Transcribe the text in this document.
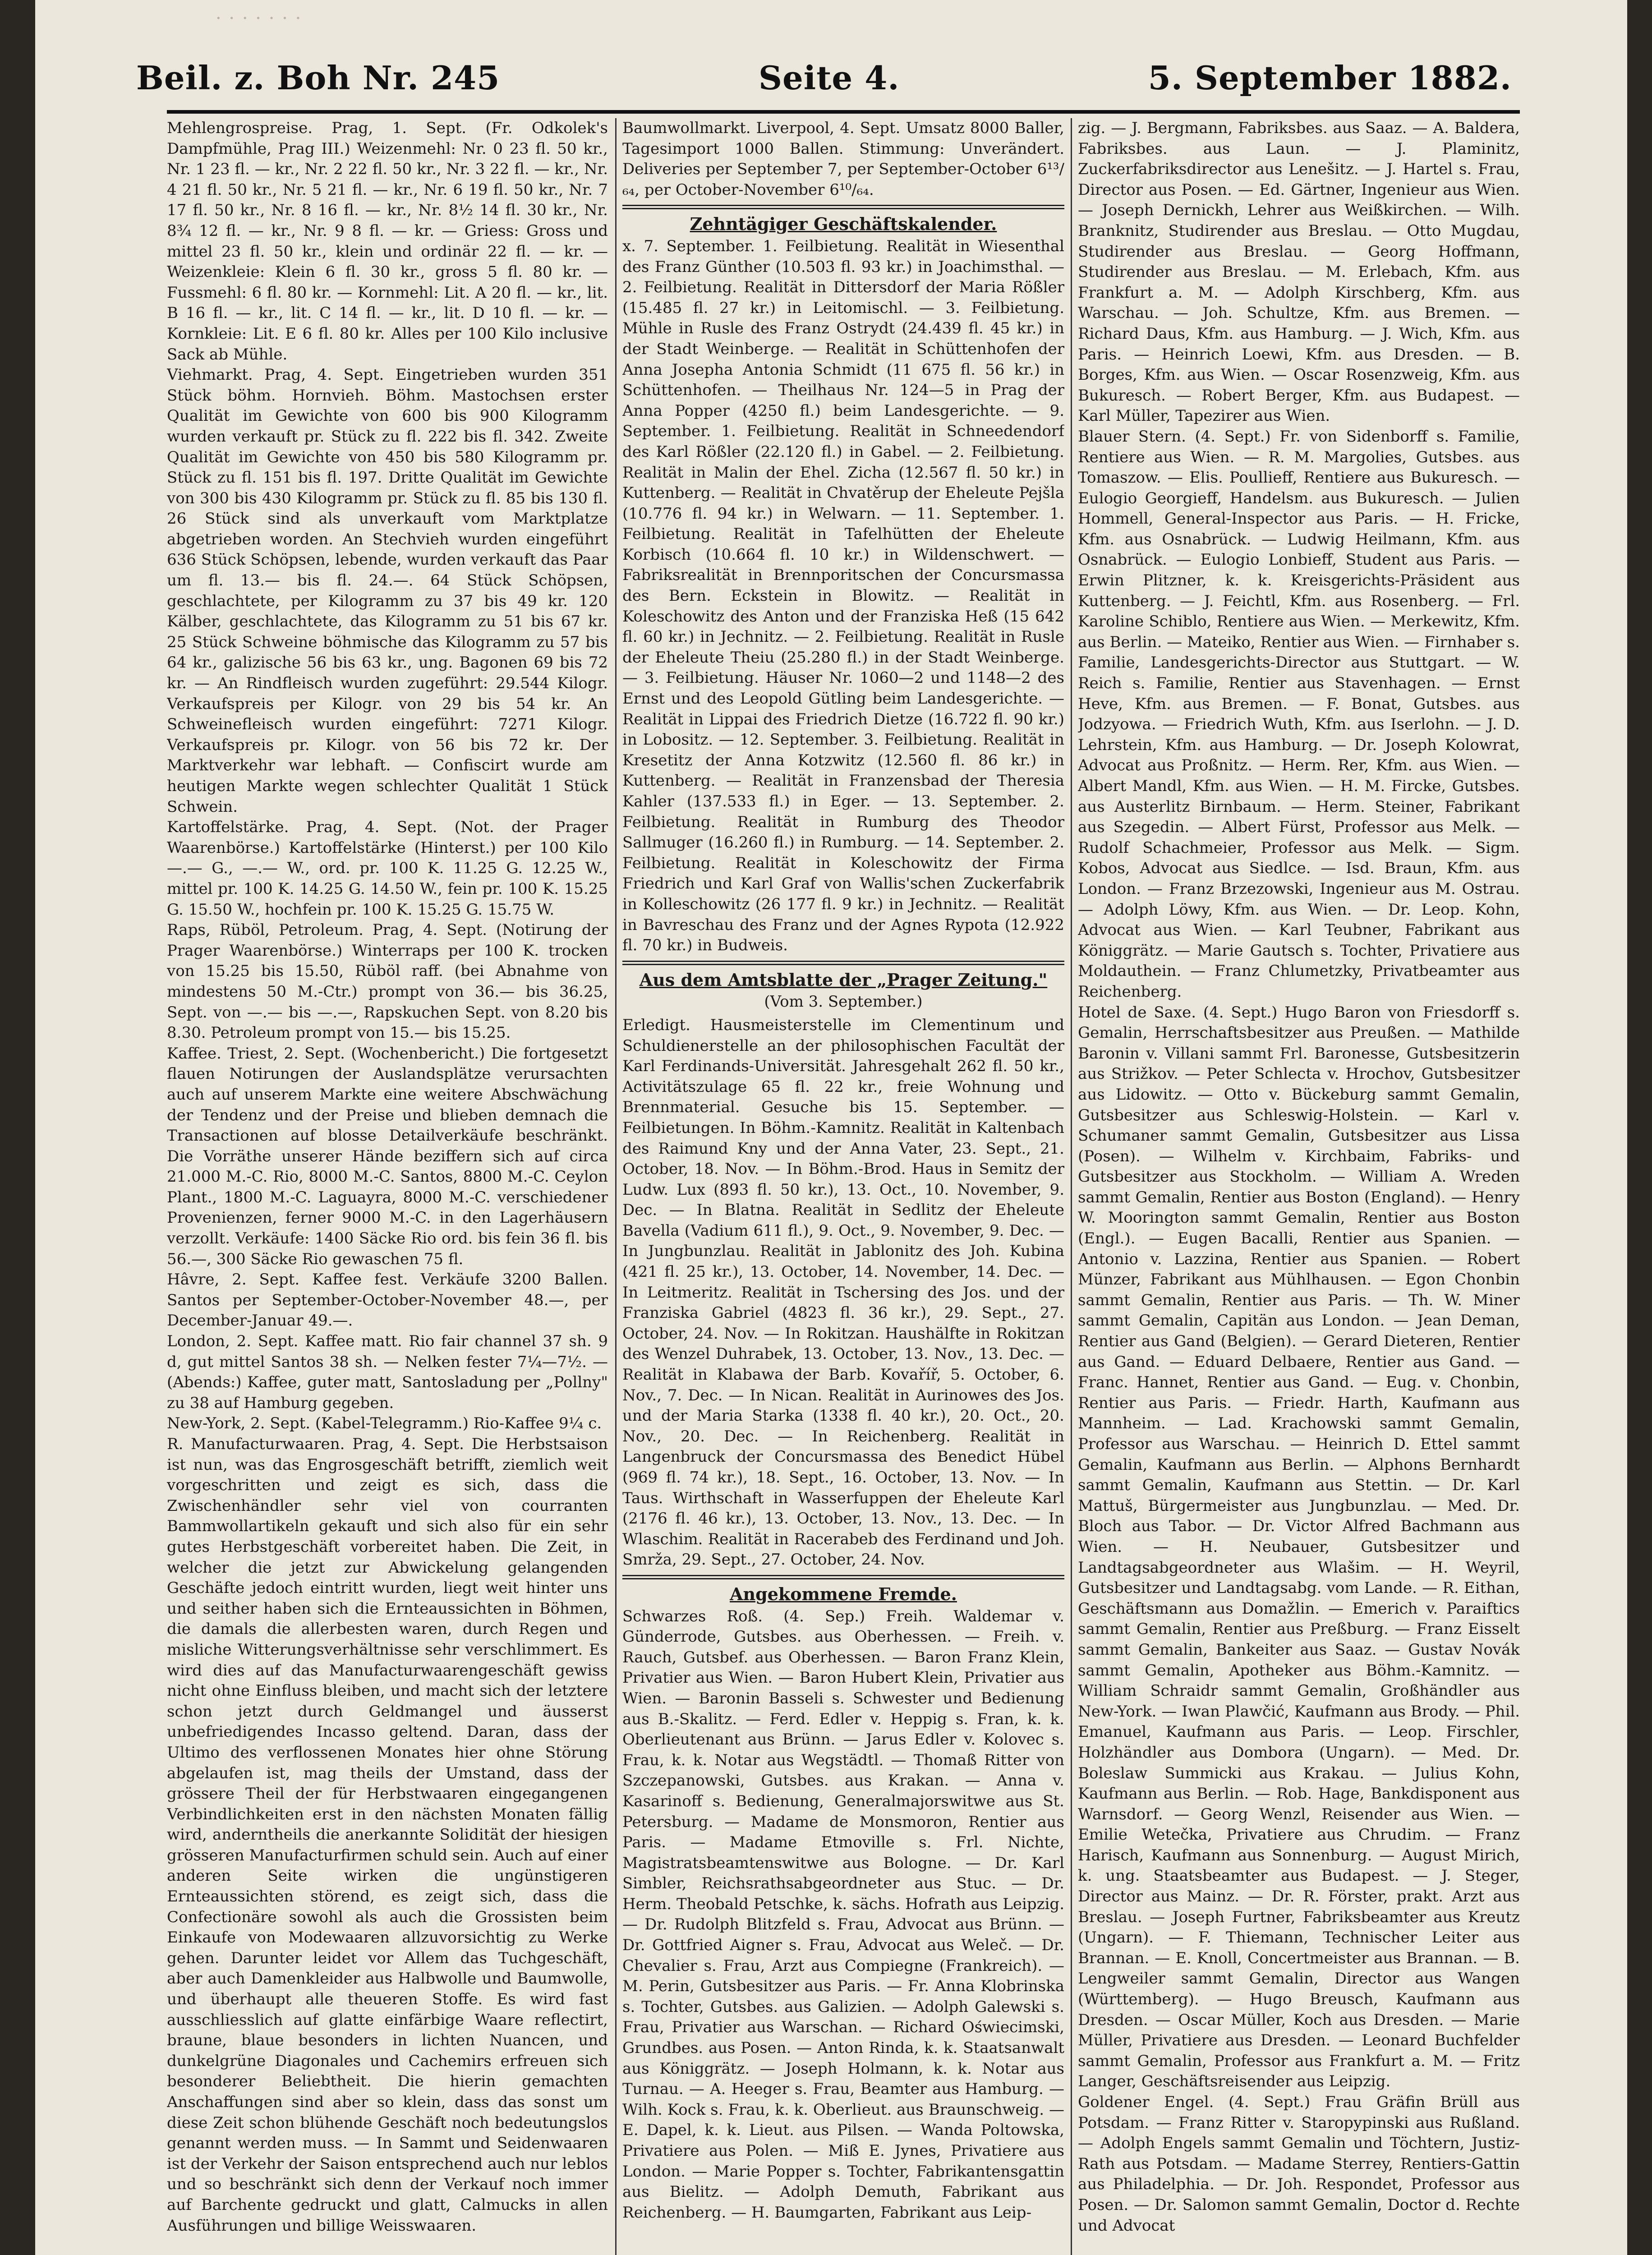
· · · · · · ·
Beil. z. Boh Nr. 245	Seite 4.	5. September 1882.

Mehlengrospreise. Prag, 1. Sept. (Fr. Odkolek's Dampfmühle, Prag III.) Weizenmehl: Nr. 0 23 fl. 50 kr., Nr. 1 23 fl. — kr., Nr. 2 22 fl. 50 kr., Nr. 3 22 fl. — kr., Nr. 4 21 fl. 50 kr., Nr. 5 21 fl. — kr., Nr. 6 19 fl. 50 kr., Nr. 7 17 fl. 50 kr., Nr. 8 16 fl. — kr., Nr. 8½ 14 fl. 30 kr., Nr. 8¾ 12 fl. — kr., Nr. 9 8 fl. — kr. — Griess: Gross und mittel 23 fl. 50 kr., klein und ordinär 22 fl. — kr. — Weizenkleie: Klein 6 fl. 30 kr., gross 5 fl. 80 kr. — Fussmehl: 6 fl. 80 kr. — Kornmehl: Lit. A 20 fl. — kr., lit. B 16 fl. — kr., lit. C 14 fl. — kr., lit. D 10 fl. — kr. — Kornkleie: Lit. E 6 fl. 80 kr. Alles per 100 Kilo inclusive Sack ab Mühle.

Viehmarkt. Prag, 4. Sept. Eingetrieben wurden 351 Stück böhm. Hornvieh. Böhm. Mastochsen erster Qualität im Gewichte von 600 bis 900 Kilogramm wurden verkauft pr. Stück zu fl. 222 bis fl. 342. Zweite Qualität im Gewichte von 450 bis 580 Kilogramm pr. Stück zu fl. 151 bis fl. 197. Dritte Qualität im Gewichte von 300 bis 430 Kilogramm pr. Stück zu fl. 85 bis 130 fl. 26 Stück sind als unverkauft vom Marktplatze abgetrieben worden. An Stechvieh wurden eingeführt 636 Stück Schöpsen, lebende, wurden verkauft das Paar um fl. 13.— bis fl. 24.—. 64 Stück Schöpsen, geschlachtete, per Kilogramm zu 37 bis 49 kr. 120 Kälber, geschlachtete, das Kilogramm zu 51 bis 67 kr. 25 Stück Schweine böhmische das Kilogramm zu 57 bis 64 kr., galizische 56 bis 63 kr., ung. Bagonen 69 bis 72 kr. — An Rindfleisch wurden zugeführt: 29.544 Kilogr. Verkaufspreis per Kilogr. von 29 bis 54 kr. An Schweinefleisch wurden eingeführt: 7271 Kilogr. Verkaufspreis pr. Kilogr. von 56 bis 72 kr. Der Marktverkehr war lebhaft. — Confiscirt wurde am heutigen Markte wegen schlechter Qualität 1 Stück Schwein.

Kartoffelstärke. Prag, 4. Sept. (Not. der Prager Waarenbörse.) Kartoffelstärke (Hinterst.) per 100 Kilo —.— G., —.— W., ord. pr. 100 K. 11.25 G. 12.25 W., mittel pr. 100 K. 14.25 G. 14.50 W., fein pr. 100 K. 15.25 G. 15.50 W., hochfein pr. 100 K. 15.25 G. 15.75 W.

Raps, Rüböl, Petroleum. Prag, 4. Sept. (Notirung der Prager Waarenbörse.) Winterraps per 100 K. trocken von 15.25 bis 15.50, Rüböl raff. (bei Abnahme von mindestens 50 M.-Ctr.) prompt von 36.— bis 36.25, Sept. von —.— bis —.—, Rapskuchen Sept. von 8.20 bis 8.30. Petroleum prompt von 15.— bis 15.25.

Kaffee. Triest, 2. Sept. (Wochenbericht.) Die fortgesetzt flauen Notirungen der Auslandsplätze verursachten auch auf unserem Markte eine weitere Abschwächung der Tendenz und der Preise und blieben demnach die Transactionen auf blosse Detailverkäufe beschränkt. Die Vorräthe unserer Hände beziffern sich auf circa 21.000 M.-C. Rio, 8000 M.-C. Santos, 8800 M.-C. Ceylon Plant., 1800 M.-C. Laguayra, 8000 M.-C. verschiedener Provenienzen, ferner 9000 M.-C. in den Lagerhäusern verzollt. Verkäufe: 1400 Säcke Rio ord. bis fein 36 fl. bis 56.—, 300 Säcke Rio gewaschen 75 fl.

Hâvre, 2. Sept. Kaffee fest. Verkäufe 3200 Ballen. Santos per September-October-November 48.—, per December-Januar 49.—.

London, 2. Sept. Kaffee matt. Rio fair channel 37 sh. 9 d, gut mittel Santos 38 sh. — Nelken fester 7¼—7½. — (Abends:) Kaffee, guter matt, Santosladung per „Pollny" zu 38 auf Hamburg gegeben.

New-York, 2. Sept. (Kabel-Telegramm.) Rio-Kaffee 9¼ c.

R. Manufacturwaaren. Prag, 4. Sept. Die Herbstsaison ist nun, was das Engrosgeschäft betrifft, ziemlich weit vorgeschritten und zeigt es sich, dass die Zwischenhändler sehr viel von courranten Bammwollartikeln gekauft und sich also für ein sehr gutes Herbstgeschäft vorbereitet haben. Die Zeit, in welcher die jetzt zur Abwickelung gelangenden Geschäfte jedoch eintritt wurden, liegt weit hinter uns und seither haben sich die Ernteaussichten in Böhmen, die damals die allerbesten waren, durch Regen und misliche Witterungsverhältnisse sehr verschlimmert. Es wird dies auf das Manufacturwaarengeschäft gewiss nicht ohne Einfluss bleiben, und macht sich der letztere schon jetzt durch Geldmangel und äusserst unbefriedigendes Incasso geltend. Daran, dass der Ultimo des verflossenen Monates hier ohne Störung abgelaufen ist, mag theils der Umstand, dass der grössere Theil der für Herbstwaaren eingegangenen Verbindlichkeiten erst in den nächsten Monaten fällig wird, anderntheils die anerkannte Solidität der hiesigen grösseren Manufacturfirmen schuld sein. Auch auf einer anderen Seite wirken die ungünstigeren Ernteaussichten störend, es zeigt sich, dass die Confectionäre sowohl als auch die Grossisten beim Einkaufe von Modewaaren allzuvorsichtig zu Werke gehen. Darunter leidet vor Allem das Tuchgeschäft, aber auch Damenkleider aus Halbwolle und Baumwolle, und überhaupt alle theueren Stoffe. Es wird fast ausschliesslich auf glatte einfärbige Waare reflectirt, braune, blaue besonders in lichten Nuancen, und dunkelgrüne Diagonales und Cachemirs erfreuen sich besonderer Beliebtheit. Die hierin gemachten Anschaffungen sind aber so klein, dass das sonst um diese Zeit schon blühende Geschäft noch bedeutungslos genannt werden muss. — In Sammt und Seidenwaaren ist der Verkehr der Saison entsprechend auch nur leblos und so beschränkt sich denn der Verkauf noch immer auf Barchente gedruckt und glatt, Calmucks in allen Ausführungen und billige Weisswaaren.

Baumwollmarkt. Liverpool, 4. Sept. Umsatz 8000 Baller, Tagesimport 1000 Ballen. Stimmung: Unverändert. Deliveries per September 7, per September-October 6¹³/₆₄, per October-November 6¹⁰/₆₄.

Zehntägiger Geschäftskalender.

x. 7. September. 1. Feilbietung. Realität in Wiesenthal des Franz Günther (10.503 fl. 93 kr.) in Joachimsthal. — 2. Feilbietung. Realität in Dittersdorf der Maria Rößler (15.485 fl. 27 kr.) in Leitomischl. — 3. Feilbietung. Mühle in Rusle des Franz Ostrydt (24.439 fl. 45 kr.) in der Stadt Weinberge. — Realität in Schüttenhofen der Anna Josepha Antonia Schmidt (11 675 fl. 56 kr.) in Schüttenhofen. — Theilhaus Nr. 124—5 in Prag der Anna Popper (4250 fl.) beim Landesgerichte. — 9. September. 1. Feilbietung. Realität in Schneedendorf des Karl Rößler (22.120 fl.) in Gabel. — 2. Feilbietung. Realität in Malin der Ehel. Zicha (12.567 fl. 50 kr.) in Kuttenberg. — Realität in Chvatěrup der Eheleute Pejšla (10.776 fl. 94 kr.) in Welwarn. — 11. September. 1. Feilbietung. Realität in Tafelhütten der Eheleute Korbisch (10.664 fl. 10 kr.) in Wildenschwert. — Fabriksrealität in Brennporitschen der Concursmassa des Bern. Eckstein in Blowitz. — Realität in Koleschowitz des Anton und der Franziska Heß (15 642 fl. 60 kr.) in Jechnitz. — 2. Feilbietung. Realität in Rusle der Eheleute Theiu (25.280 fl.) in der Stadt Weinberge. — 3. Feilbietung. Häuser Nr. 1060—2 und 1148—2 des Ernst und des Leopold Gütling beim Landesgerichte. — Realität in Lippai des Friedrich Dietze (16.722 fl. 90 kr.) in Lobositz. — 12. September. 3. Feilbietung. Realität in Kresetitz der Anna Kotzwitz (12.560 fl. 86 kr.) in Kuttenberg. — Realität in Franzensbad der Theresia Kahler (137.533 fl.) in Eger. — 13. September. 2. Feilbietung. Realität in Rumburg des Theodor Sallmuger (16.260 fl.) in Rumburg. — 14. September. 2. Feilbietung. Realität in Koleschowitz der Firma Friedrich und Karl Graf von Wallis'schen Zuckerfabrik in Kolleschowitz (26 177 fl. 9 kr.) in Jechnitz. — Realität in Bavreschau des Franz und der Agnes Rypota (12.922 fl. 70 kr.) in Budweis.

Aus dem Amtsblatte der „Prager Zeitung."
(Vom 3. September.)

Erledigt. Hausmeisterstelle im Clementinum und Schuldienerstelle an der philosophischen Facultät der Karl Ferdinands-Universität. Jahresgehalt 262 fl. 50 kr., Activitätszulage 65 fl. 22 kr., freie Wohnung und Brennmaterial. Gesuche bis 15. September. — Feilbietungen. In Böhm.-Kamnitz. Realität in Kaltenbach des Raimund Kny und der Anna Vater, 23. Sept., 21. October, 18. Nov. — In Böhm.-Brod. Haus in Semitz der Ludw. Lux (893 fl. 50 kr.), 13. Oct., 10. November, 9. Dec. — In Blatna. Realität in Sedlitz der Eheleute Bavella (Vadium 611 fl.), 9. Oct., 9. November, 9. Dec. — In Jungbunzlau. Realität in Jablonitz des Joh. Kubina (421 fl. 25 kr.), 13. October, 14. November, 14. Dec. — In Leitmeritz. Realität in Tschersing des Jos. und der Franziska Gabriel (4823 fl. 36 kr.), 29. Sept., 27. October, 24. Nov. — In Rokitzan. Haushälfte in Rokitzan des Wenzel Duhrabek, 13. October, 13. Nov., 13. Dec. — Realität in Klabawa der Barb. Kovaříř, 5. October, 6. Nov., 7. Dec. — In Nican. Realität in Aurinowes des Jos. und der Maria Starka (1338 fl. 40 kr.), 20. Oct., 20. Nov., 20. Dec. — In Reichenberg. Realität in Langenbruck der Concursmassa des Benedict Hübel (969 fl. 74 kr.), 18. Sept., 16. October, 13. Nov. — In Taus. Wirthschaft in Wasserfuppen der Eheleute Karl (2176 fl. 46 kr.), 13. October, 13. Nov., 13. Dec. — In Wlaschim. Realität in Racerabeb des Ferdinand und Joh. Smrža, 29. Sept., 27. October, 24. Nov.

Angekommene Fremde.

Schwarzes Roß. (4. Sep.) Freih. Waldemar v. Günderrode, Gutsbes. aus Oberhessen. — Freih. v. Rauch, Gutsbef. aus Oberhessen. — Baron Franz Klein, Privatier aus Wien. — Baron Hubert Klein, Privatier aus Wien. — Baronin Basseli s. Schwester und Bedienung aus B.-Skalitz. — Ferd. Edler v. Heppig s. Fran, k. k. Oberlieutenant aus Brünn. — Jarus Edler v. Kolovec s. Frau, k. k. Notar aus Wegstädtl. — Thomaß Ritter von Szczepanowski, Gutsbes. aus Krakan. — Anna v. Kasarinoff s. Bedienung, Generalmajorswitwe aus St. Petersburg. — Madame de Monsmoron, Rentier aus Paris. — Madame Etmoville s. Frl. Nichte, Magistratsbeamtenswitwe aus Bologne. — Dr. Karl Simbler, Reichsrathsabgeordneter aus Stuc. — Dr. Herm. Theobald Petschke, k. sächs. Hofrath aus Leipzig. — Dr. Rudolph Blitzfeld s. Frau, Advocat aus Brünn. — Dr. Gottfried Aigner s. Frau, Advocat aus Weleč. — Dr. Chevalier s. Frau, Arzt aus Compiegne (Frankreich). — M. Perin, Gutsbesitzer aus Paris. — Fr. Anna Klobrinska s. Tochter, Gutsbes. aus Galizien. — Adolph Galewski s. Frau, Privatier aus Warschan. — Richard Oświecimski, Grundbes. aus Posen. — Anton Rinda, k. k. Staatsanwalt aus Königgrätz. — Joseph Holmann, k. k. Notar aus Turnau. — A. Heeger s. Frau, Beamter aus Hamburg. — Wilh. Kock s. Frau, k. k. Oberlieut. aus Braunschweig. — E. Dapel, k. k. Lieut. aus Pilsen. — Wanda Poltowska, Privatiere aus Polen. — Miß E. Jynes, Privatiere aus London. — Marie Popper s. Tochter, Fabrikantensgattin aus Bielitz. — Adolph Demuth, Fabrikant aus Reichenberg. — H. Baumgarten, Fabrikant aus Leip-

zig. — J. Bergmann, Fabriksbes. aus Saaz. — A. Baldera, Fabriksbes. aus Laun. — J. Plaminitz, Zuckerfabriksdirector aus Lenešitz. — J. Hartel s. Frau, Director aus Posen. — Ed. Gärtner, Ingenieur aus Wien. — Joseph Dernickh, Lehrer aus Weißkirchen. — Wilh. Branknitz, Studirender aus Breslau. — Otto Mugdau, Studirender aus Breslau. — Georg Hoffmann, Studirender aus Breslau. — M. Erlebach, Kfm. aus Frankfurt a. M. — Adolph Kirschberg, Kfm. aus Warschau. — Joh. Schultze, Kfm. aus Bremen. — Richard Daus, Kfm. aus Hamburg. — J. Wich, Kfm. aus Paris. — Heinrich Loewi, Kfm. aus Dresden. — B. Borges, Kfm. aus Wien. — Oscar Rosenzweig, Kfm. aus Bukuresch. — Robert Berger, Kfm. aus Budapest. — Karl Müller, Tapezirer aus Wien.

Blauer Stern. (4. Sept.) Fr. von Sidenborff s. Familie, Rentiere aus Wien. — R. M. Margolies, Gutsbes. aus Tomaszow. — Elis. Poullieff, Rentiere aus Bukuresch. — Eulogio Georgieff, Handelsm. aus Bukuresch. — Julien Hommell, General-Inspector aus Paris. — H. Fricke, Kfm. aus Osnabrück. — Ludwig Heilmann, Kfm. aus Osnabrück. — Eulogio Lonbieff, Student aus Paris. — Erwin Plitzner, k. k. Kreisgerichts-Präsident aus Kuttenberg. — J. Feichtl, Kfm. aus Rosenberg. — Frl. Karoline Schiblo, Rentiere aus Wien. — Merkewitz, Kfm. aus Berlin. — Mateiko, Rentier aus Wien. — Firnhaber s. Familie, Landesgerichts-Director aus Stuttgart. — W. Reich s. Familie, Rentier aus Stavenhagen. — Ernst Heve, Kfm. aus Bremen. — F. Bonat, Gutsbes. aus Jodzyowa. — Friedrich Wuth, Kfm. aus Iserlohn. — J. D. Lehrstein, Kfm. aus Hamburg. — Dr. Joseph Kolowrat, Advocat aus Proßnitz. — Herm. Rer, Kfm. aus Wien. — Albert Mandl, Kfm. aus Wien. — H. M. Fircke, Gutsbes. aus Austerlitz Birnbaum. — Herm. Steiner, Fabrikant aus Szegedin. — Albert Fürst, Professor aus Melk. — Rudolf Schachmeier, Professor aus Melk. — Sigm. Kobos, Advocat aus Siedlce. — Isd. Braun, Kfm. aus London. — Franz Brzezowski, Ingenieur aus M. Ostrau. — Adolph Löwy, Kfm. aus Wien. — Dr. Leop. Kohn, Advocat aus Wien. — Karl Teubner, Fabrikant aus Königgrätz. — Marie Gautsch s. Tochter, Privatiere aus Moldauthein. — Franz Chlumetzky, Privatbeamter aus Reichenberg.

Hotel de Saxe. (4. Sept.) Hugo Baron von Friesdorff s. Gemalin, Herrschaftsbesitzer aus Preußen. — Mathilde Baronin v. Villani sammt Frl. Baronesse, Gutsbesitzerin aus Strižkov. — Peter Schlecta v. Hrochov, Gutsbesitzer aus Lidowitz. — Otto v. Bückeburg sammt Gemalin, Gutsbesitzer aus Schleswig-Holstein. — Karl v. Schumaner sammt Gemalin, Gutsbesitzer aus Lissa (Posen). — Wilhelm v. Kirchbaim, Fabriks- und Gutsbesitzer aus Stockholm. — William A. Wreden sammt Gemalin, Rentier aus Boston (England). — Henry W. Moorington sammt Gemalin, Rentier aus Boston (Engl.). — Eugen Bacalli, Rentier aus Spanien. — Antonio v. Lazzina, Rentier aus Spanien. — Robert Münzer, Fabrikant aus Mühlhausen. — Egon Chonbin sammt Gemalin, Rentier aus Paris. — Th. W. Miner sammt Gemalin, Capitän aus London. — Jean Deman, Rentier aus Gand (Belgien). — Gerard Dieteren, Rentier aus Gand. — Eduard Delbaere, Rentier aus Gand. — Franc. Hannet, Rentier aus Gand. — Eug. v. Chonbin, Rentier aus Paris. — Friedr. Harth, Kaufmann aus Mannheim. — Lad. Krachowski sammt Gemalin, Professor aus Warschau. — Heinrich D. Ettel sammt Gemalin, Kaufmann aus Berlin. — Alphons Bernhardt sammt Gemalin, Kaufmann aus Stettin. — Dr. Karl Mattuš, Bürgermeister aus Jungbunzlau. — Med. Dr. Bloch aus Tabor. — Dr. Victor Alfred Bachmann aus Wien. — H. Neubauer, Gutsbesitzer und Landtagsabgeordneter aus Wlašim. — H. Weyril, Gutsbesitzer und Landtagsabg. vom Lande. — R. Eithan, Geschäftsmann aus Domažlin. — Emerich v. Paraiftics sammt Gemalin, Rentier aus Preßburg. — Franz Eisselt sammt Gemalin, Bankeiter aus Saaz. — Gustav Novák sammt Gemalin, Apotheker aus Böhm.-Kamnitz. — William Schraidr sammt Gemalin, Großhändler aus New-York. — Iwan Plawčić, Kaufmann aus Brody. — Phil. Emanuel, Kaufmann aus Paris. — Leop. Firschler, Holzhändler aus Dombora (Ungarn). — Med. Dr. Boleslaw Summicki aus Krakau. — Julius Kohn, Kaufmann aus Berlin. — Rob. Hage, Bankdisponent aus Warnsdorf. — Georg Wenzl, Reisender aus Wien. — Emilie Wetečka, Privatiere aus Chrudim. — Franz Harisch, Kaufmann aus Sonnenburg. — August Mirich, k. ung. Staatsbeamter aus Budapest. — J. Steger, Director aus Mainz. — Dr. R. Förster, prakt. Arzt aus Breslau. — Joseph Furtner, Fabriksbeamter aus Kreutz (Ungarn). — F. Thiemann, Technischer Leiter aus Brannan. — E. Knoll, Concertmeister aus Brannan. — B. Lengweiler sammt Gemalin, Director aus Wangen (Württemberg). — Hugo Breusch, Kaufmann aus Dresden. — Oscar Müller, Koch aus Dresden. — Marie Müller, Privatiere aus Dresden. — Leonard Buchfelder sammt Gemalin, Professor aus Frankfurt a. M. — Fritz Langer, Geschäftsreisender aus Leipzig.

Goldener Engel. (4. Sept.) Frau Gräfin Brüll aus Potsdam. — Franz Ritter v. Staropypinski aus Rußland. — Adolph Engels sammt Gemalin und Töchtern, Justiz-Rath aus Potsdam. — Madame Sterrey, Rentiers-Gattin aus Philadelphia. — Dr. Joh. Respondet, Professor aus Posen. — Dr. Salomon sammt Gemalin, Doctor d. Rechte und Advocat
